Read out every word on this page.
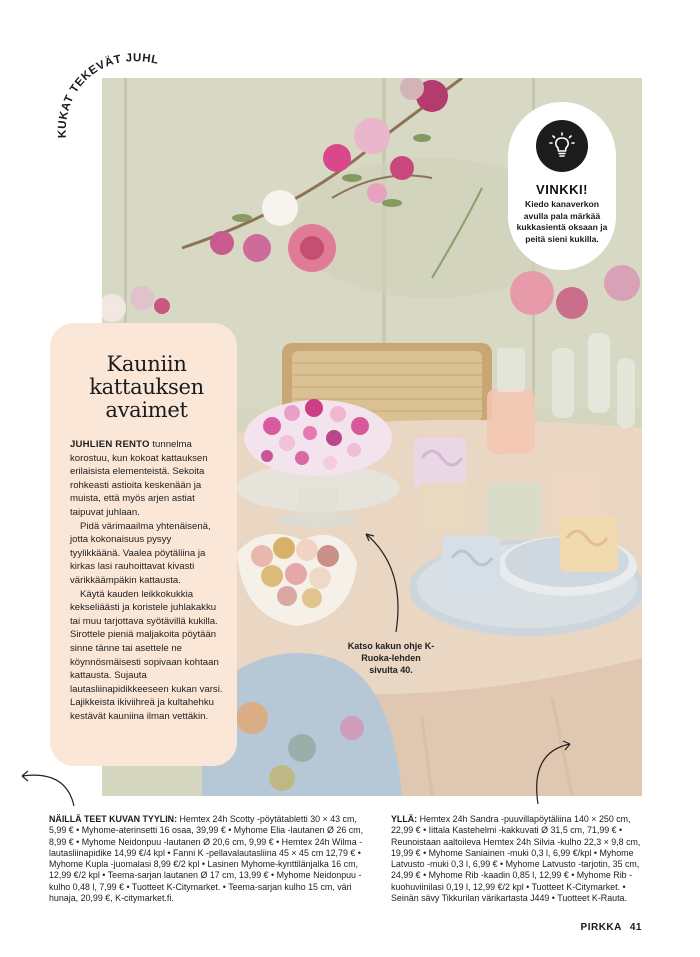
KUKAT TEKEVÄT JUHL
Kauniin
kattauksen
avaimet

JUHLIEN RENTO tunnelma korostuu, kun kokoat kattauksen erilaisista elementeistä. Sekoita rohkeasti astioita keskenään ja muista, että myös arjen astiat taipuvat juhlaan.

Pidä värimaailma yhtenäisenä, jotta kokonaisuus pysyy tyylikkäänä. Vaalea pöytäliina ja kirkas lasi rauhoittavat kivasti värikkäämpäkin kattausta.

Käytä kauden leikkokukkia kekseliäästi ja koristele juhlakakku tai muu tarjottava syötävillä kukilla. Sirottele pieniä maljakoita pöytään sinne tänne tai asettele ne köynnösmäisesti sopivaan kohtaan kattausta. Sujauta lautasliinapidikkeeseen kukan varsi. Lajikkeista ikiviihreä ja kultahehku kestävät kauniina ilman vettäkin.

VINKKI!
Kiedo kanaverkon avulla pala märkää kukkasientä oksaan ja peitä sieni kukilla.
Katso kakun ohje K-Ruoka-lehden sivulta 40.
NÄILLÄ TEET KUVAN TYYLIN: Hemtex 24h Scotty -pöytätabletti 30 × 43 cm, 5,99 € • Myhome-aterinsetti 16 osaa, 39,99 € • Myhome Elia -lautanen Ø 26 cm, 8,99 € • Myhome Neidonpuu -lautanen Ø 20,6 cm, 9,99 € • Hemtex 24h Wilma -lautasliinapidike 14,99 €/4 kpl • Fanni K -pellavalautasliina 45 × 45 cm 12,79 € • Myhome Kupla -juomalasi 8,99 €/2 kpl • Lasinen Myhome-kynttilänjalka 16 cm, 12,99 €/2 kpl • Teema-sarjan lautanen Ø 17 cm, 13,99 € • Myhome Neidonpuu -kulho 0,48 l, 7,99 € • Tuotteet K-Citymarket. • Teema-sarjan kulho 15 cm, väri hunaja, 20,99 €, K-citymarket.fi.
YLLÄ: Hemtex 24h Sandra -puuvillapöytäliina 140 × 250 cm, 22,99 € • Iittala Kastehelmi -kakkuvati Ø 31,5 cm, 71,99 € • Reunoistaan aaltoileva Hemtex 24h Silvia -kulho 22,3 × 9,8 cm, 19,99 € • Myhome Saniainen -muki 0,3 l, 6,99 €/kpl • Myhome Latvusto -muki 0,3 l, 6,99 € • Myhome Latvusto -tarjotin, 35 cm, 24,99 € • Myhome Rib -kaadin 0,85 l, 12,99 € • Myhome Rib -kuohuviinilasi 0,19 l, 12,99 €/2 kpl • Tuotteet K-Citymarket. • Seinän sävy Tikkurilan värikartasta J449 • Tuotteet K-Rauta.
PIRKKA 41
